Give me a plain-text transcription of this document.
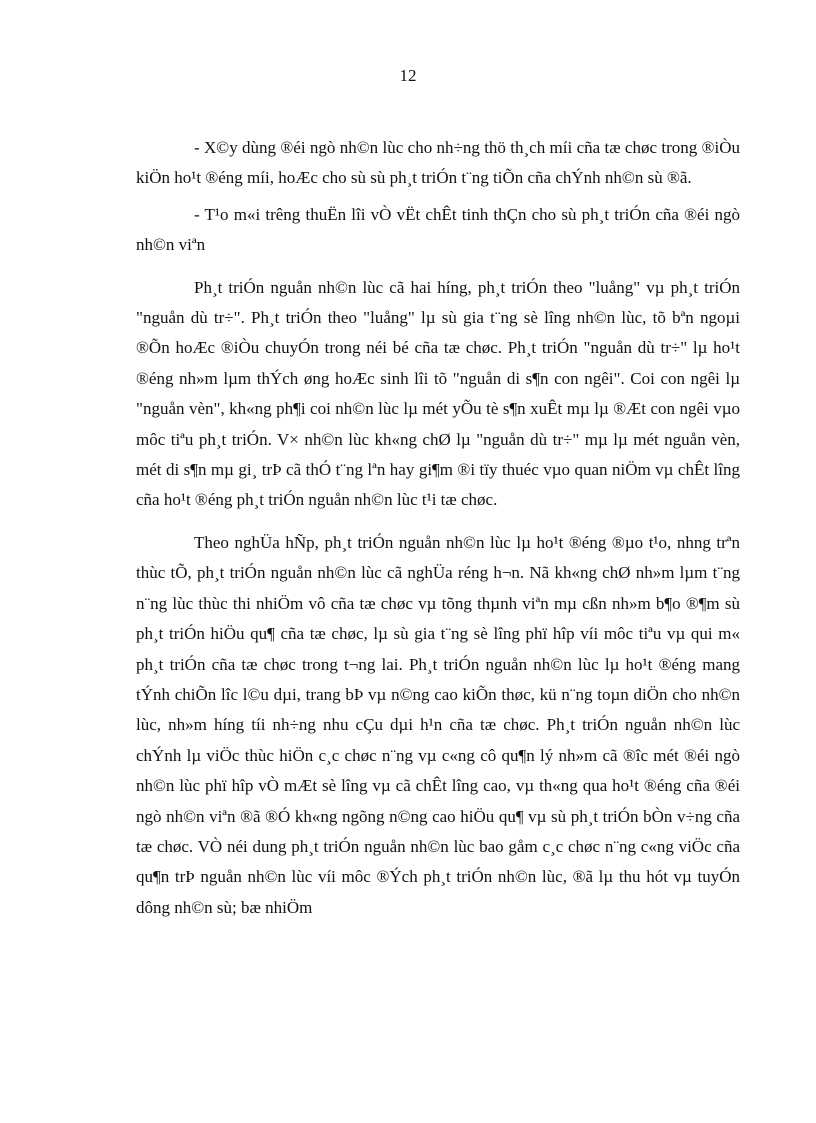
12

- X©y dùng ®éi ngò nh©n lùc cho nh÷ng thö th¸ch míi cña tæ chøc trong ®iÒu kiÖn ho¹t ®éng míi, hoÆc cho sù sù ph¸t triÓn t¨ng tiÕn cña chÝnh nh©n sù ®ã.

- T¹o m«i trêng thuËn lîi vÒ vËt chÊt tinh thÇn cho sù ph¸t triÓn cña ®éi ngò nh©n viªn

Ph¸t triÓn nguån nh©n lùc cã hai híng, ph¸t triÓn theo "luång" vµ ph¸t triÓn "nguån dù tr÷". Ph¸t triÓn theo "luång" lµ sù gia t¨ng sè lîng nh©n lùc, tõ bªn ngoµi ®Õn hoÆc ®iÒu chuyÓn trong néi bé cña tæ chøc. Ph¸t triÓn "nguån dù tr÷" lµ ho¹t ®éng nh»m lµm thÝch øng hoÆc sinh lîi tõ "nguån di s¶n con ngêi". Coi con ngêi lµ "nguån vèn", kh«ng ph¶i coi nh©n lùc lµ mét yÕu tè s¶n xuÊt mµ lµ ®Æt con ngêi vµo môc tiªu ph¸t triÓn. V× nh©n lùc kh«ng chØ lµ "nguån dù tr÷" mµ lµ mét nguån vèn, mét di s¶n mµ gi¸ trÞ cã thÓ t¨ng lªn hay gi¶m ®i tïy thuéc vµo quan niÖm vµ chÊt lîng cña ho¹t ®éng ph¸t triÓn nguån nh©n lùc t¹i tæ chøc.

Theo nghÜa hÑp, ph¸t triÓn nguån nh©n lùc lµ ho¹t ®éng ®µo t¹o, nhng trªn thùc tÕ, ph¸t triÓn nguån nh©n lùc cã nghÜa réng h¬n. Nã kh«ng chØ nh»m lµm t¨ng n¨ng lùc thùc thi nhiÖm vô cña tæ chøc vµ tõng thµnh viªn mµ cßn nh»m b¶o ®¶m sù ph¸t triÓn hiÖu qu¶ cña tæ chøc, lµ sù gia t¨ng sè lîng phï hîp víi môc tiªu vµ qui m« ph¸t triÓn cña tæ chøc trong t¬ng lai. Ph¸t triÓn nguån nh©n lùc lµ ho¹t ®éng mang tÝnh chiÕn lîc l©u dµi, trang bÞ vµ n©ng cao kiÕn thøc, kü n¨ng toµn diÖn cho nh©n lùc, nh»m híng tíi nh÷ng nhu cÇu dµi h¹n cña tæ chøc. Ph¸t triÓn nguån nh©n lùc chÝnh lµ viÖc thùc hiÖn c¸c chøc n¨ng vµ c«ng cô qu¶n lý nh»m cã ®îc mét ®éi ngò nh©n lùc phï hîp vÒ mÆt sè lîng vµ cã chÊt lîng cao, vµ th«ng qua ho¹t ®éng cña ®éi ngò nh©n viªn ®ã ®Ó kh«ng ngõng n©ng cao hiÖu qu¶ vµ sù ph¸t triÓn bÒn v÷ng cña tæ chøc. VÒ néi dung ph¸t triÓn nguån nh©n lùc bao gåm c¸c chøc n¨ng c«ng viÖc cña qu¶n trÞ nguån nh©n lùc víi môc ®Ých ph¸t triÓn nh©n lùc, ®ã lµ thu hót vµ tuyÓn dông nh©n sù; bæ nhiÖm
